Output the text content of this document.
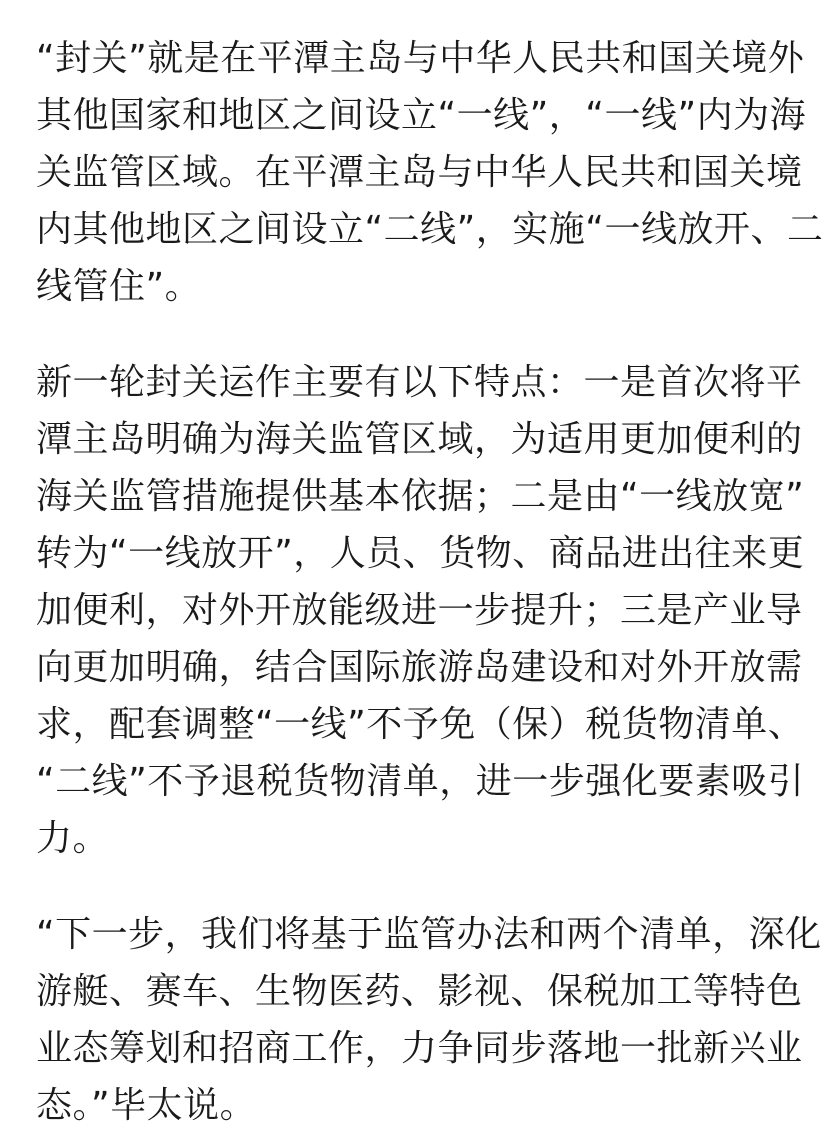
“封关”就是在平潭主岛与中华人民共和国关境外
其他国家和地区之间设立“一线”，“一线”内为海
关监管区域。在平潭主岛与中华人民共和国关境
内其他地区之间设立“二线”，实施“一线放开、二
线管住”。
新一轮封关运作主要有以下特点：一是首次将平
潭主岛明确为海关监管区域，为适用更加便利的
海关监管措施提供基本依据；二是由“一线放宽”
转为“一线放开”，人员、货物、商品进出往来更
加便利，对外开放能级进一步提升；三是产业导
向更加明确，结合国际旅游岛建设和对外开放需
求，配套调整“一线”不予免（保）税货物清单、
“二线”不予退税货物清单，进一步强化要素吸引
力。
“下一步，我们将基于监管办法和两个清单，深化
游艇、赛车、生物医药、影视、保税加工等特色
业态筹划和招商工作，力争同步落地一批新兴业
态。”毕太说。
